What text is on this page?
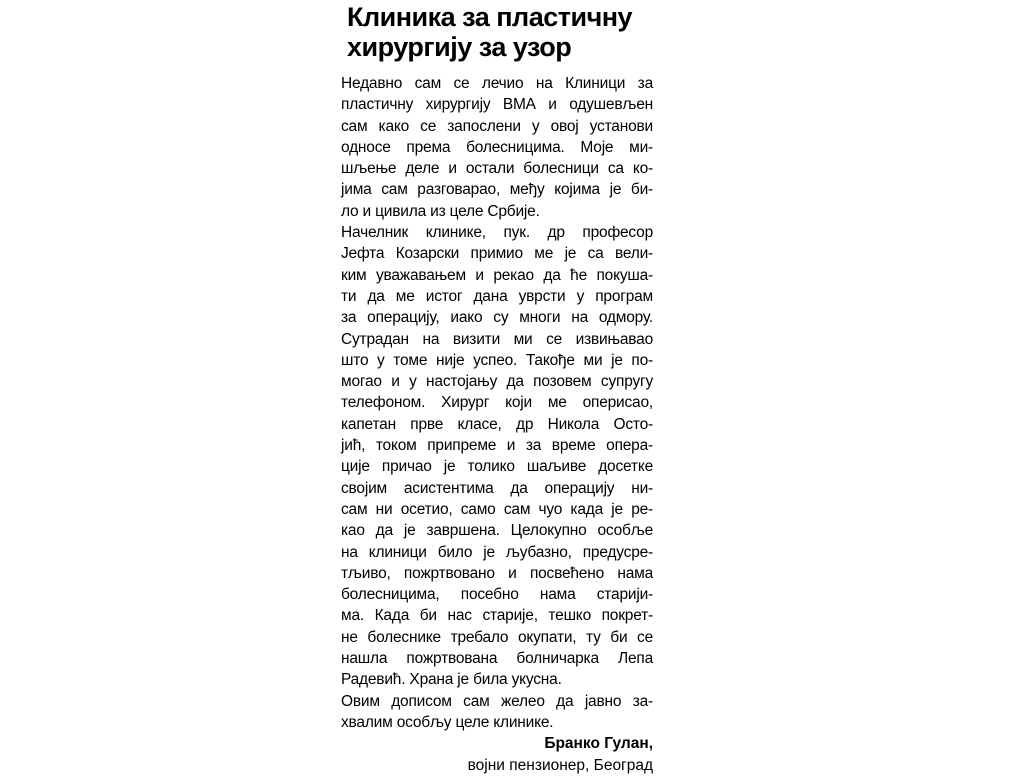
Клиника за пластичну
хирургију за узор
Недавно сам се лечио на Клиници за
пластичну хирургију ВМА и одушевљен
сам како се запослени у овој установи
односе према болесницима. Моје ми-
шљење деле и остали болесници са ко-
јима сам разговарао, међу којима је би-
ло и цивила из целе Србије.
Начелник клинике, пук. др професор
Јефта Козарски примио ме је са вели-
ким уважавањем и рекао да ће покуша-
ти да ме истог дана уврсти у програм
за операцију, иако су многи на одмору.
Сутрадан на визити ми се извињавао
што у томе није успео. Такође ми је по-
могао и у настојању да позовем супругу
телефоном. Хирург који ме оперисао,
капетан прве класе, др Никола Осто-
јић, током припреме и за време опера-
ције причао је толико шаљиве досетке
својим асистентима да операцију ни-
сам ни осетио, само сам чуо када је ре-
као да је завршена. Целокупно особље
на клиници било је љубазно, предусре-
тљиво, пожртвовано и посвећено нама
болесницима, посебно нама старији-
ма. Када би нас старије, тешко покрет-
не болеснике требало окупати, ту би се
нашла пожртвована болничарка Лепа
Радевић. Храна је била укусна.
Овим дописом сам желео да јавно за-
хвалим особљу целе клинике.
Бранко Гулан,
војни пензионер, Београд
